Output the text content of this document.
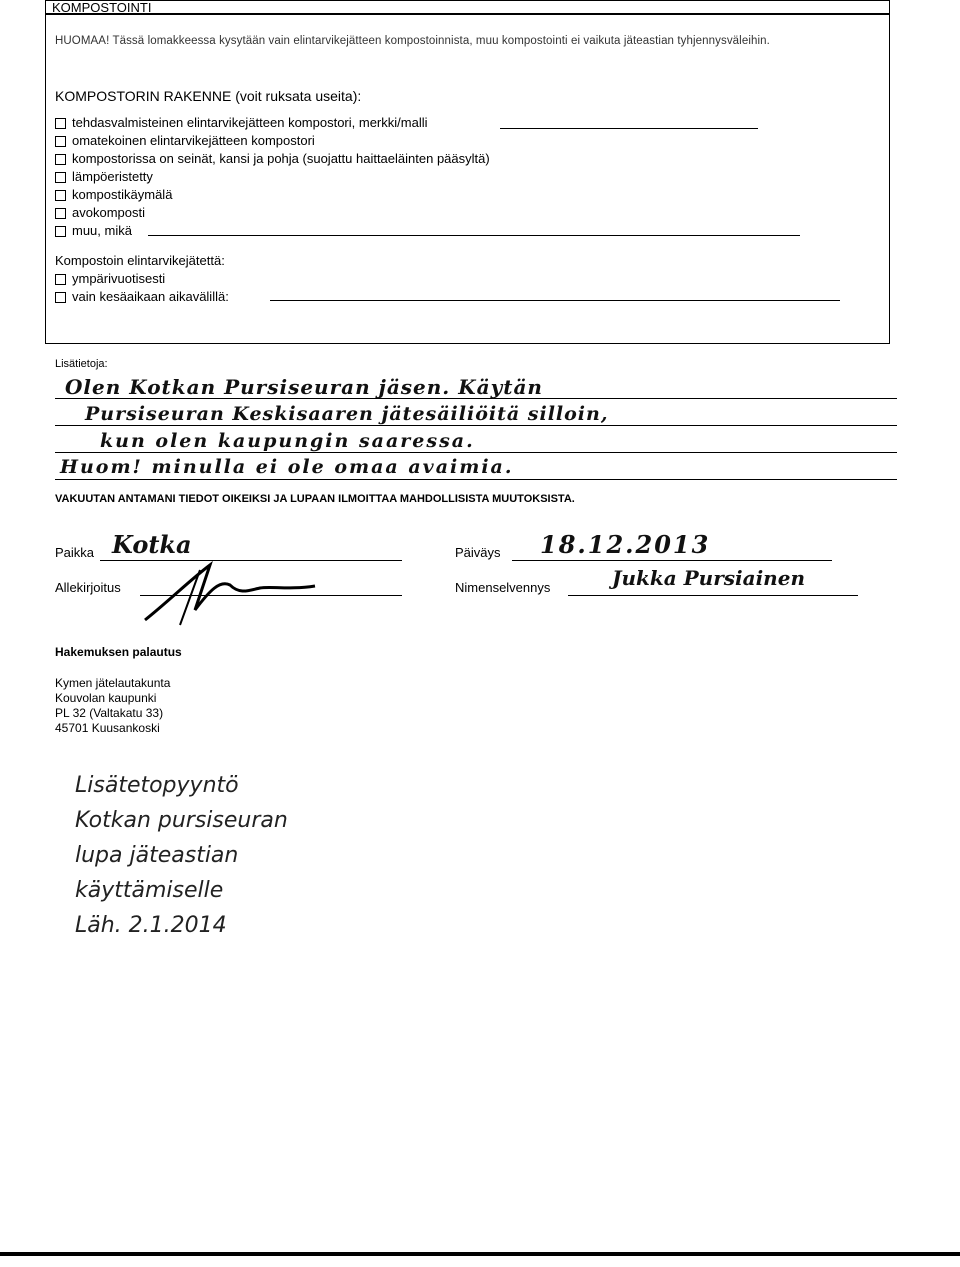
KOMPOSTOINTI
HUOMAA! Tässä lomakkeessa kysytään vain elintarvikejätteen kompostoinnista, muu kompostointi ei vaikuta jäteastian tyhjennysväleihin.
KOMPOSTORIN RAKENNE (voit ruksata useita):
tehdasvalmisteinen elintarvikejätteen kompostori, merkki/malli
omatekoinen elintarvikejätteen kompostori
kompostorissa on seinät, kansi ja pohja (suojattu haittaeläinten pääsyltä)
lämpöeristetty
kompostikäymälä
avokomposti
muu, mikä
Kompostoin elintarvikejätettä:
ympärivuotisesti
vain kesäaikaan aikavälillä:
Lisätietoja:
Olen Kotkan Pursiseuran jäsen. Käytän
Pursiseuran Keskisaaren jätesäiliöitä silloin,
kun olen kaupungin saaressa.
Huom! minulla ei ole omaa avaimia.
VAKUUTAN ANTAMANI TIEDOT OIKEIKSI JA LUPAAN ILMOITTAA MAHDOLLISISTA MUUTOKSISTA.
Paikka Kotka	Päiväys 18.12.2013
Allekirjoitus	Nimenselvennys	Jukka Pursiainen
Hakemuksen palautus
Kymen jätelautakunta
Kouvolan kaupunki
PL 32 (Valtakatu 33)
45701 Kuusankoski
Lisätetopyyntö
Kotkan pursiseuran
lupa jäteastian
käyttämiselle
Läh. 2.1.2014
